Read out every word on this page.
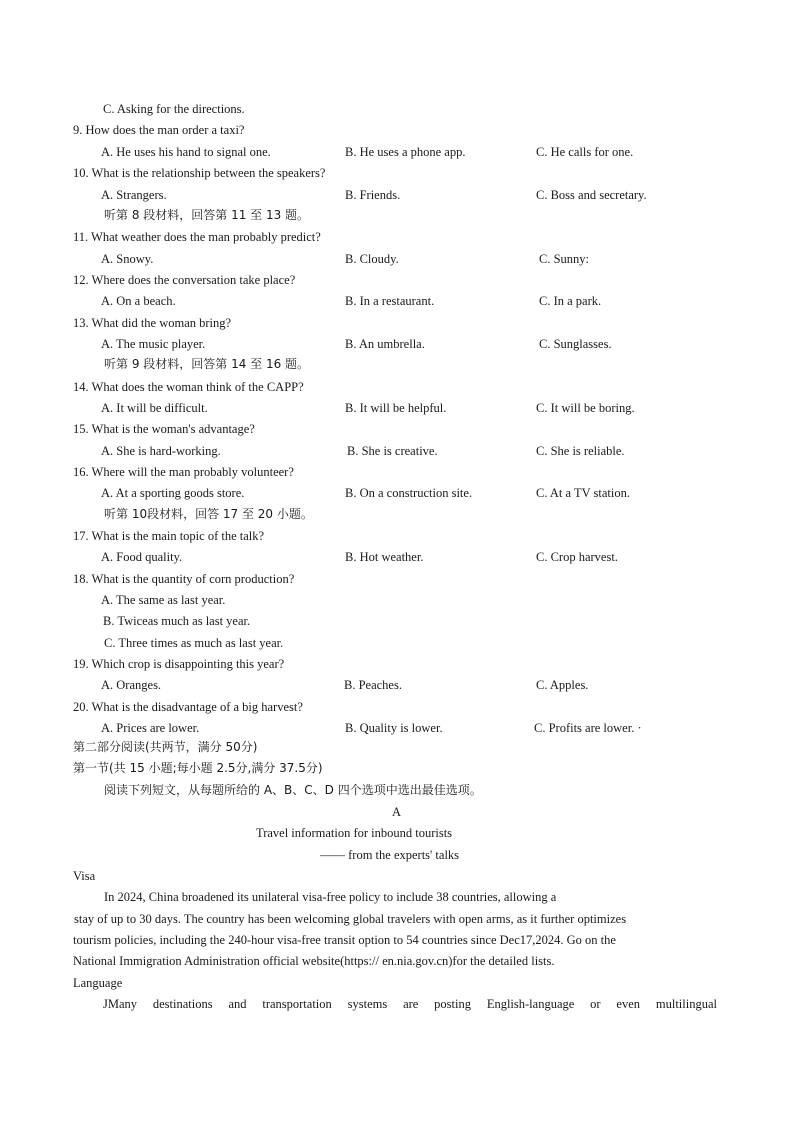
C. Asking for the directions.
9. How does the man order a taxi?
A. He uses his hand to signal one.	B. He uses a phone app.	C. He calls for one.
10. What is the relationship between the speakers?
A. Strangers.	B. Friends.	C. Boss and secretary.
听第 8 段材料，回答第 11 至 13 题。
11. What weather does the man probably predict?
A. Snowy.	B. Cloudy.	C. Sunny:
12. Where does the conversation take place?
A. On a beach.	B. In a restaurant.	C. In a park.
13. What did the woman bring?
A. The music player.	B. An umbrella.	C. Sunglasses.
听第 9 段材料，回答第 14 至 16 题。
14. What does the woman think of the CAPP?
A. It will be difficult.	B. It will be helpful.	C. It will be boring.
15. What is the woman's advantage?
A. She is hard-working.	B. She is creative.	C. She is reliable.
16. Where will the man probably volunteer?
A. At a sporting goods store.	B. On a construction site.	C. At a TV station.
听第 10段材料，回答 17 至 20 小题。
17. What is the main topic of the talk?
A. Food quality.	B. Hot weather.	C. Crop harvest.
18. What is the quantity of corn production?
A. The same as last year.
B. Twiceas much as last year.
C. Three times as much as last year.
19. Which crop is disappointing this year?
A. Oranges.	B. Peaches.	C. Apples.
20. What is the disadvantage of a big harvest?
A. Prices are lower.	B. Quality is lower.	C. Profits are lower. ·
第二部分阅读(共两节，满分 50分)
第一节(共 15 小题;每小题 2.5分,满分 37.5分)
阅读下列短文，从每题所给的 A、B、C、D 四个选项中选出最佳选项。
A
Travel information for inbound tourists
—— from the experts' talks
Visa
In 2024, China broadened its unilateral visa-free policy to include 38 countries, allowing a
stay of up to 30 days. The country has been welcoming global travelers with open arms, as it further optimizes
tourism policies, including the 240-hour visa-free transit option to 54 countries since Dec17,2024. Go on the
National Immigration Administration official website(https:// en.nia.gov.cn)for the detailed lists.
Language
JMany destinations and transportation systems are posting English-language or even multilingual
